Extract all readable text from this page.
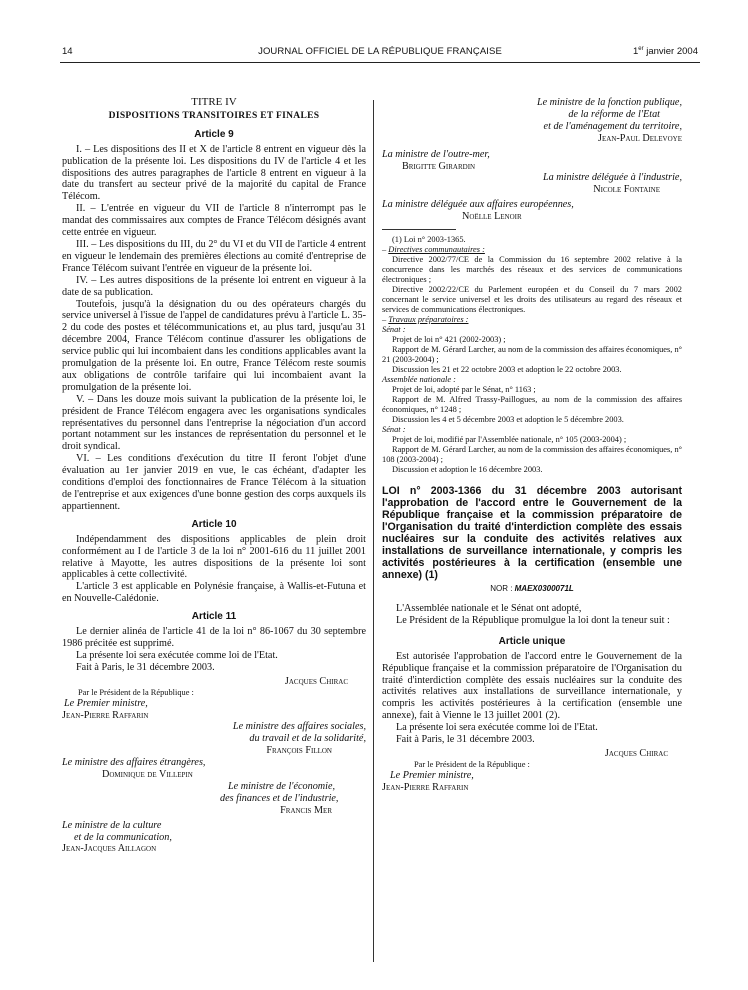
14	JOURNAL OFFICIEL DE LA RÉPUBLIQUE FRANÇAISE	1er janvier 2004
TITRE IV
DISPOSITIONS TRANSITOIRES ET FINALES
Article 9

I. – Les dispositions des II et X de l'article 8 entrent en vigueur dès la publication de la présente loi. Les dispositions du IV de l'article 4 et les dispositions des autres paragraphes de l'article 8 entrent en vigueur à la date du transfert au secteur privé de la majorité du capital de France Télécom.

II. – L'entrée en vigueur du VII de l'article 8 n'interrompt pas le mandat des commissaires aux comptes de France Télécom désignés avant cette entrée en vigueur.

III. – Les dispositions du III, du 2° du VI et du VII de l'article 4 entrent en vigueur le lendemain des premières élections au comité d'entreprise de France Télécom suivant l'entrée en vigueur de la présente loi.

IV. – Les autres dispositions de la présente loi entrent en vigueur à la date de sa publication.

Toutefois, jusqu'à la désignation du ou des opérateurs chargés du service universel à l'issue de l'appel de candidatures prévu à l'article L. 35-2 du code des postes et télécommunications et, au plus tard, jusqu'au 31 décembre 2004, France Télécom continue d'assurer les obligations de service public qui lui incombaient dans les conditions applicables avant la promulgation de la présente loi. En outre, France Télécom reste soumis aux obligations de contrôle tarifaire qui lui incombaient avant la promulgation de la présente loi.

V. – Dans les douze mois suivant la publication de la présente loi, le président de France Télécom engagera avec les organisations syndicales représentatives du personnel dans l'entreprise la négociation d'un accord portant notamment sur les instances de représentation du personnel et le droit syndical.

VI. – Les conditions d'exécution du titre II feront l'objet d'une évaluation au 1er janvier 2019 en vue, le cas échéant, d'adapter les conditions d'emploi des fonctionnaires de France Télécom à la situation de l'entreprise et aux exigences d'une bonne gestion des corps auxquels ils appartiennent.

Article 10

Indépendamment des dispositions applicables de plein droit conformément au I de l'article 3 de la loi n° 2001-616 du 11 juillet 2001 relative à Mayotte, les autres dispositions de la présente loi sont applicables à cette collectivité.

L'article 3 est applicable en Polynésie française, à Wallis-et-Futuna et en Nouvelle-Calédonie.

Article 11

Le dernier alinéa de l'article 41 de la loi n° 86-1067 du 30 septembre 1986 précitée est supprimé.

La présente loi sera exécutée comme loi de l'Etat.

Fait à Paris, le 31 décembre 2003.

Jacques Chirac
Par le Président de la République :
Le Premier ministre,
Jean-Pierre Raffarin
Le ministre des affaires sociales,
du travail et de la solidarité,
François Fillon
Le ministre des affaires étrangères,
Dominique de Villepin
Le ministre de l'économie,
des finances et de l'industrie,
Francis Mer
Le ministre de la culture
et de la communication,
Jean-Jacques Aillagon
Le ministre de la fonction publique,
de la réforme de l'Etat
et de l'aménagement du territoire,
Jean-Paul Delevoye
La ministre de l'outre-mer,
Brigitte Girardin
La ministre déléguée à l'industrie,
Nicole Fontaine
La ministre déléguée aux affaires européennes,
Noëlle Lenoir

(1) Loi n° 2003-1365.

– Directives communautaires :

Directive 2002/77/CE de la Commission du 16 septembre 2002 relative à la concurrence dans les marchés des réseaux et des services de communications électroniques ;

Directive 2002/22/CE du Parlement européen et du Conseil du 7 mars 2002 concernant le service universel et les droits des utilisateurs au regard des réseaux et services de communications électroniques.

– Travaux préparatoires :
Sénat :

Projet de loi n° 421 (2002-2003) ;

Rapport de M. Gérard Larcher, au nom de la commission des affaires économiques, n° 21 (2003-2004) ;

Discussion les 21 et 22 octobre 2003 et adoption le 22 octobre 2003.

Assemblée nationale :

Projet de loi, adopté par le Sénat, n° 1163 ;

Rapport de M. Alfred Trassy-Paillogues, au nom de la commission des affaires économiques, n° 1248 ;

Discussion les 4 et 5 décembre 2003 et adoption le 5 décembre 2003.

Sénat :

Projet de loi, modifié par l'Assemblée nationale, n° 105 (2003-2004) ;

Rapport de M. Gérard Larcher, au nom de la commission des affaires économiques, n° 108 (2003-2004) ;

Discussion et adoption le 16 décembre 2003.

LOI n° 2003-1366 du 31 décembre 2003 autorisant l'approbation de l'accord entre le Gouvernement de la République française et la commission préparatoire de l'Organisation du traité d'interdiction complète des essais nucléaires sur la conduite des activités relatives aux installations de surveillance internationale, y compris les activités postérieures à la certification (ensemble une annexe) (1)
NOR : MAEX0300071L

L'Assemblée nationale et le Sénat ont adopté,

Le Président de la République promulgue la loi dont la teneur suit :

Article unique

Est autorisée l'approbation de l'accord entre le Gouvernement de la République française et la commission préparatoire de l'Organisation du traité d'interdiction complète des essais nucléaires sur la conduite des activités relatives aux installations de surveillance internationale, y compris les activités postérieures à la certification (ensemble une annexe), fait à Vienne le 13 juillet 2001 (2).

La présente loi sera exécutée comme loi de l'Etat.

Fait à Paris, le 31 décembre 2003.

Jacques Chirac
Par le Président de la République :
Le Premier ministre,
Jean-Pierre Raffarin
